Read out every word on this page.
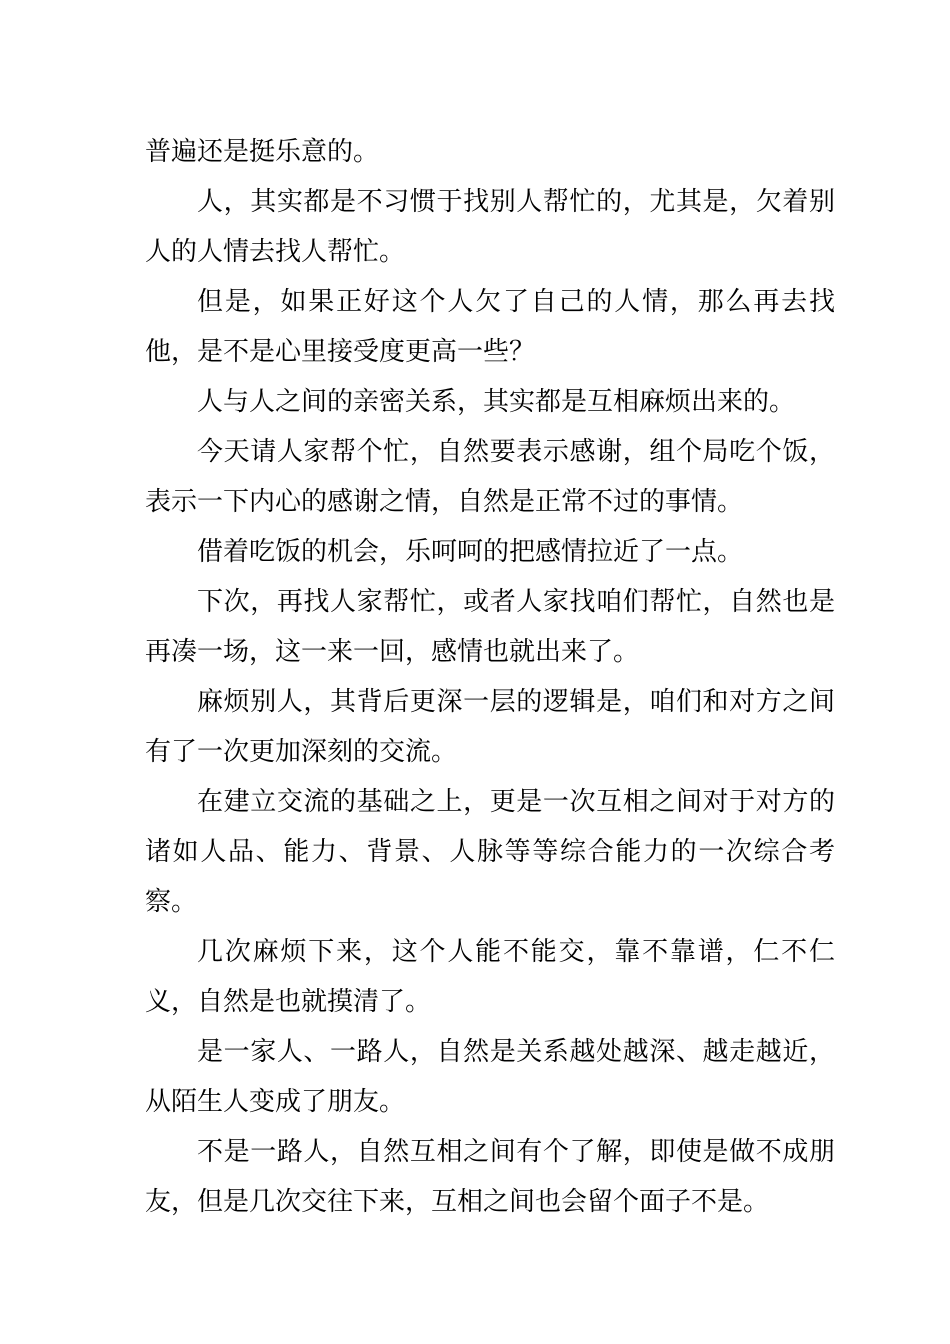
普遍还是挺乐意的。

人，其实都是不习惯于找别人帮忙的，尤其是，欠着别人的人情去找人帮忙。

但是，如果正好这个人欠了自己的人情，那么再去找他，是不是心里接受度更高一些？

人与人之间的亲密关系，其实都是互相麻烦出来的。

今天请人家帮个忙，自然要表示感谢，组个局吃个饭，表示一下内心的感谢之情，自然是正常不过的事情。

借着吃饭的机会，乐呵呵的把感情拉近了一点。

下次，再找人家帮忙，或者人家找咱们帮忙，自然也是再凑一场，这一来一回，感情也就出来了。

麻烦别人，其背后更深一层的逻辑是，咱们和对方之间有了一次更加深刻的交流。

在建立交流的基础之上，更是一次互相之间对于对方的诸如人品、能力、背景、人脉等等综合能力的一次综合考察。

几次麻烦下来，这个人能不能交，靠不靠谱，仁不仁义，自然是也就摸清了。

是一家人、一路人，自然是关系越处越深、越走越近，从陌生人变成了朋友。

不是一路人，自然互相之间有个了解，即使是做不成朋友，但是几次交往下来，互相之间也会留个面子不是。
